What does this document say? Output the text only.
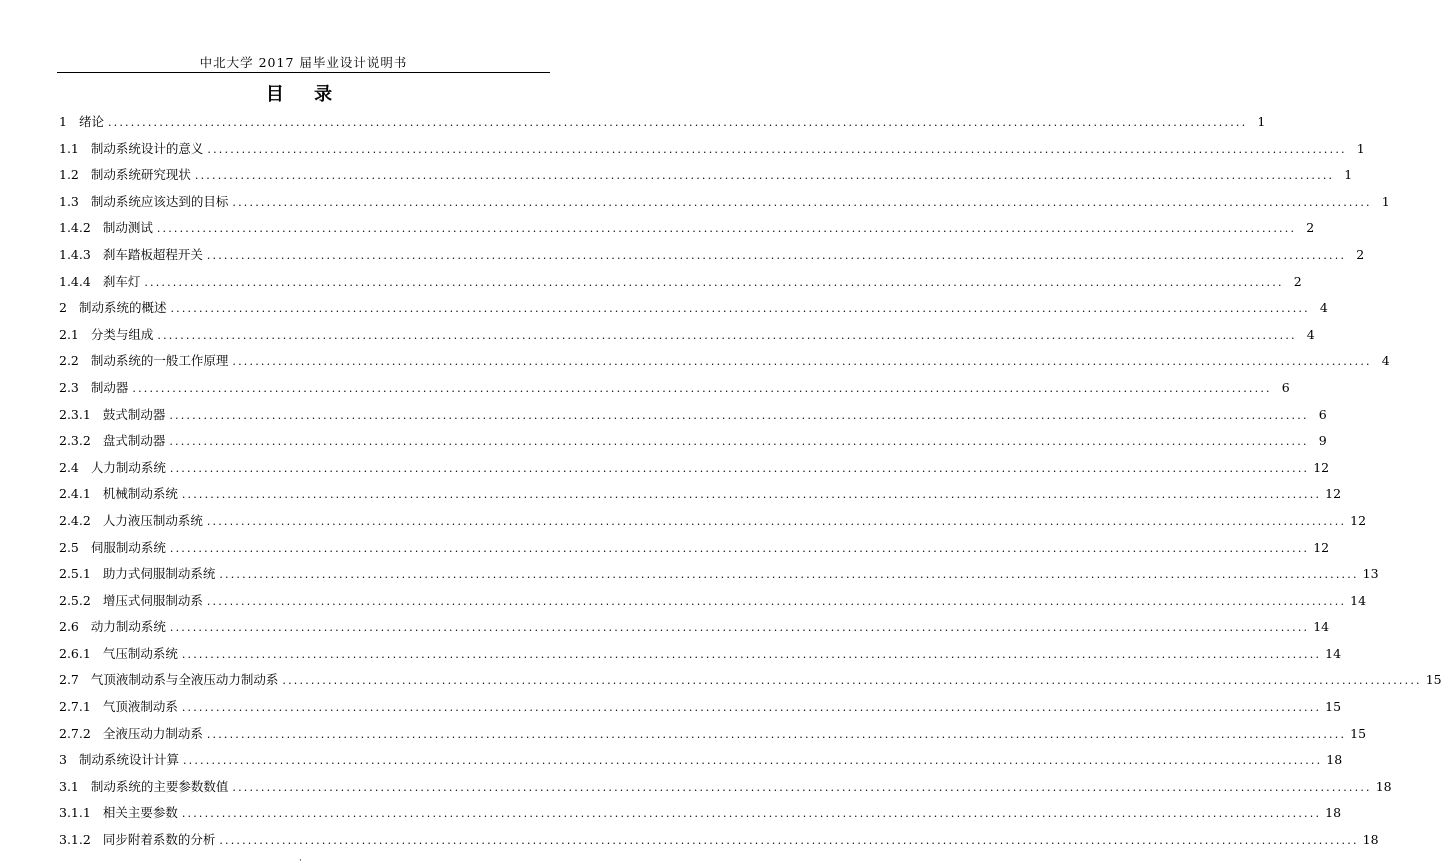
中北大学 2017 届毕业设计说明书
目 录
1 绪论 ........................................................................................................................................................................................................ 1
1.1 制动系统设计的意义 ........................................................................................................................................................................................................ 1
1.2 制动系统研究现状 ........................................................................................................................................................................................................ 1
1.3 制动系统应该达到的目标 ........................................................................................................................................................................................................ 1
1.4.2 制动测试 ........................................................................................................................................................................................................ 2
1.4.3 刹车踏板超程开关 ........................................................................................................................................................................................................ 2
1.4.4 刹车灯 ........................................................................................................................................................................................................ 2
2 制动系统的概述 ........................................................................................................................................................................................................ 4
2.1 分类与组成 ........................................................................................................................................................................................................ 4
2.2 制动系统的一般工作原理 ........................................................................................................................................................................................................ 4
2.3 制动器 ........................................................................................................................................................................................................ 6
2.3.1 鼓式制动器 ........................................................................................................................................................................................................ 6
2.3.2 盘式制动器 ........................................................................................................................................................................................................ 9
2.4 人力制动系统 ........................................................................................................................................................................................................ 12
2.4.1 机械制动系统 ........................................................................................................................................................................................................ 12
2.4.2 人力液压制动系统 ........................................................................................................................................................................................................ 12
2.5 伺服制动系统 ........................................................................................................................................................................................................ 12
2.5.1 助力式伺服制动系统 ........................................................................................................................................................................................................ 13
2.5.2 增压式伺服制动系 ........................................................................................................................................................................................................ 14
2.6 动力制动系统 ........................................................................................................................................................................................................ 14
2.6.1 气压制动系统 ........................................................................................................................................................................................................ 14
2.7 气顶液制动系与全液压动力制动系 ........................................................................................................................................................................................................ 15
2.7.1 气顶液制动系 ........................................................................................................................................................................................................ 15
2.7.2 全液压动力制动系 ........................................................................................................................................................................................................ 15
3 制动系统设计计算 ........................................................................................................................................................................................................ 18
3.1 制动系统的主要参数数值 ........................................................................................................................................................................................................ 18
3.1.1 相关主要参数 ........................................................................................................................................................................................................ 18
3.1.2 同步附着系数的分析 ........................................................................................................................................................................................................ 18
·
